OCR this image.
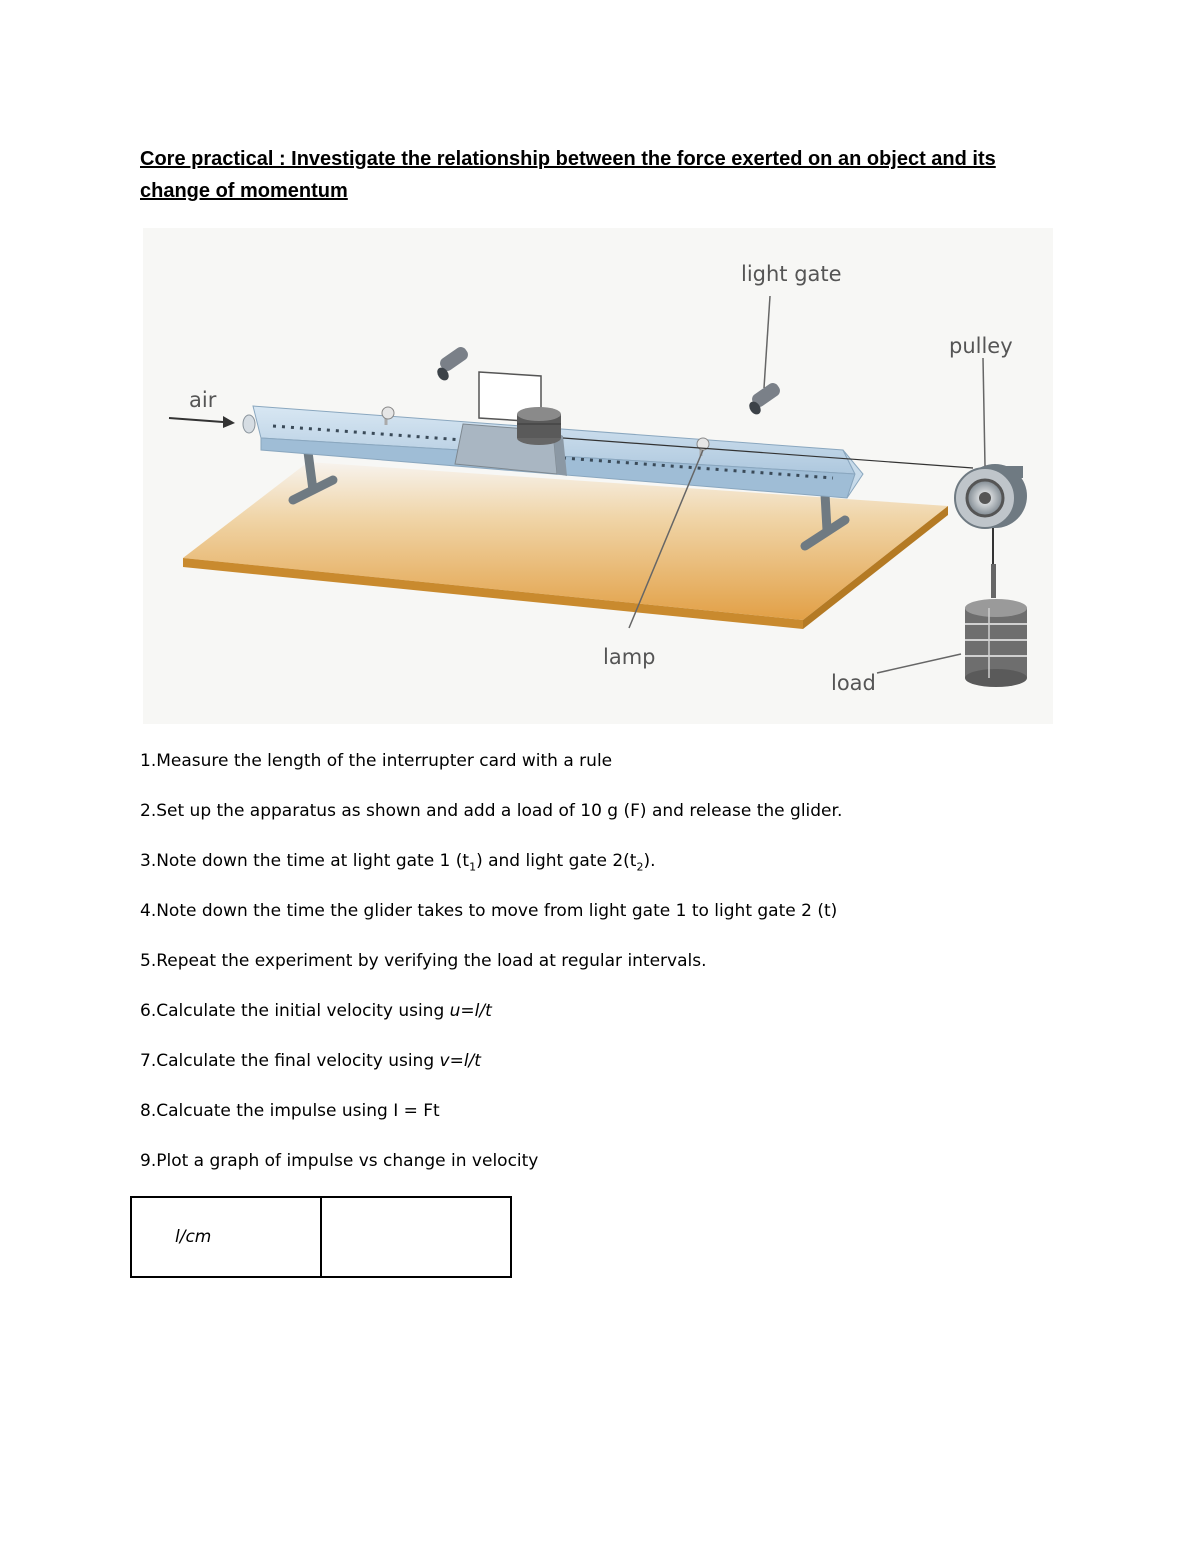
Core practical : Investigate the relationship between the force exerted on an object and its change of momentum
air
light gate
pulley
lamp
load
1.Measure the length of the interrupter card with a rule
2.Set up the apparatus as shown and add a load of 10 g (F) and release the glider.
3.Note down the time at light gate 1 $(t_1)$ and light gate $2(t_2)$.
4.Note down the time the glider takes to move from light gate 1 to light gate 2 (t)
5.Repeat the experiment by verifying the load at regular intervals.
6.Calculate the initial velocity using u=l/t
7.Calculate the final velocity using v=l/t
8.Calcuate the impulse using I = Ft
9.Plot a graph of impulse vs change in velocity
l/cm	
